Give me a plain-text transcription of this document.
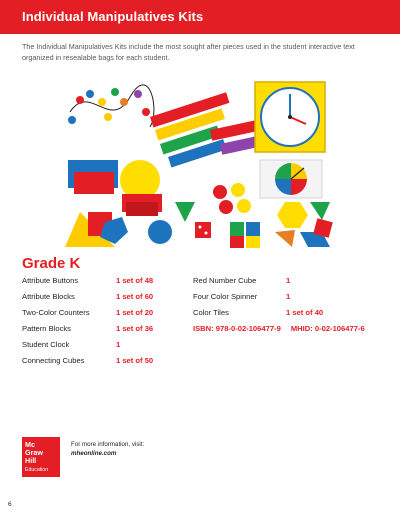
Individual Manipulatives Kits

The Individual Manipulatives Kits include the most sought after pieces used in the student interactive text organized in resealable bags for each student.

Grade K
Attribute Buttons	1 set of 48
Attribute Blocks	1 set of 60
Two-Color Counters	1 set of 20
Pattern Blocks	1 set of 36
Student Clock	1
Connecting Cubes	1 set of 50
Red Number Cube	1
Four Color Spinner	1
Color Tiles	1 set of 40
ISBN: 978-0-02-106477-9 MHID: 0-02-106477-6
Mc
Graw
Hill
Education
For more information, visit:
mheonline.com
6
